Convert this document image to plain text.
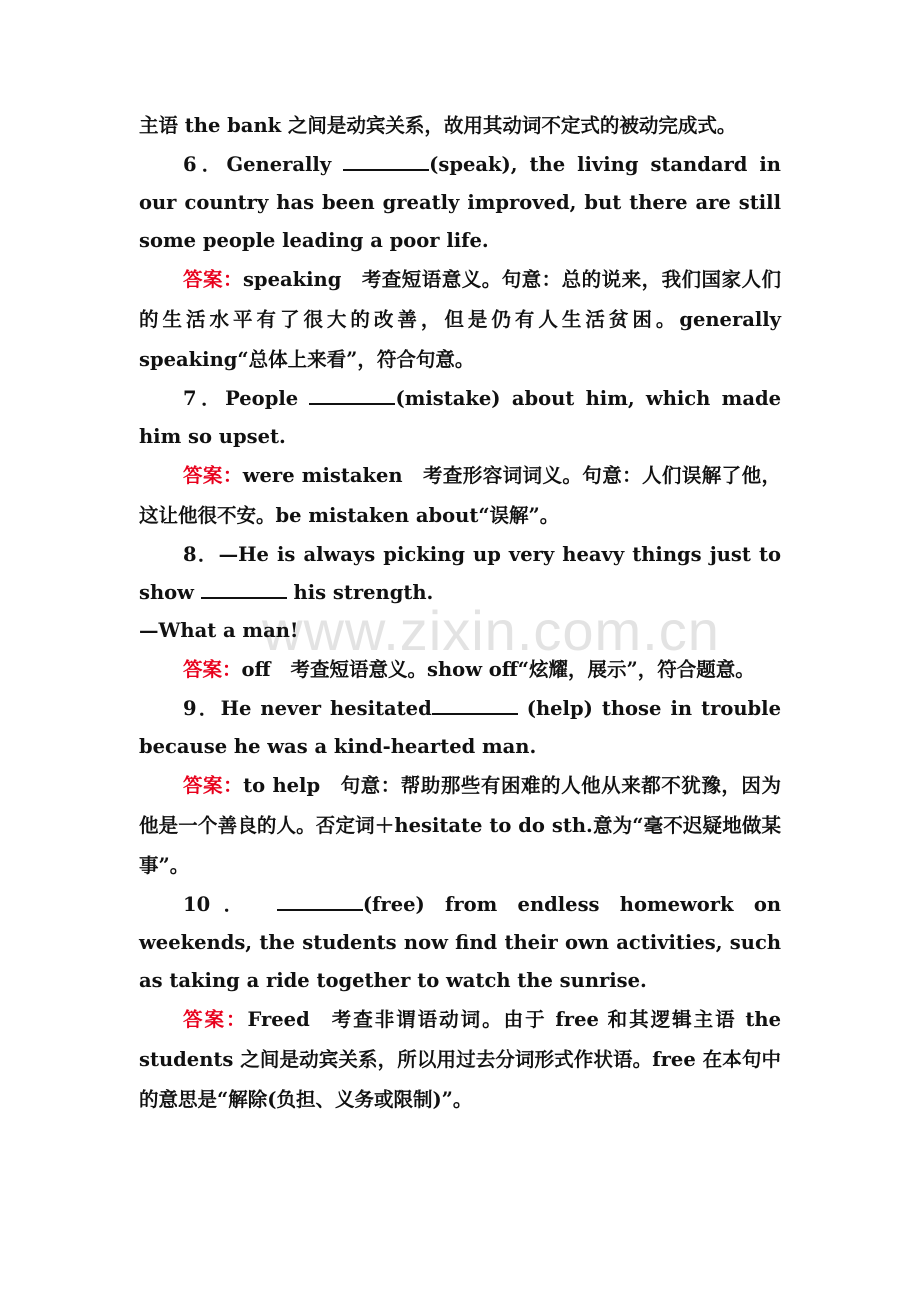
www.zixin.com.cn

主语 the bank 之间是动宾关系，故用其动词不定式的被动完成式。

6．Generally	(speak), the living standard in our country has been greatly improved, but there are still some people leading a poor life.

答案：speaking 考查短语意义。句意：总的说来，我们国家人们的生活水平有了很大的改善，但是仍有人生活贫困。generally speaking“总体上来看”，符合句意。

7．People	(mistake) about him, which made him so upset.

答案：were mistaken 考查形容词词义。句意：人们误解了他，这让他很不安。be mistaken about“误解”。

8．—He is always picking up very heavy things just to show	his strength.

—What a man!

答案：off 考查短语意义。show off“炫耀，展示”，符合题意。

9．He never hesitated	(help) those in trouble because he was a kind-hearted man.

答案：to help 句意：帮助那些有困难的人他从来都不犹豫，因为他是一个善良的人。否定词＋hesitate to do sth.意为“毫不迟疑地做某事”。

10．	(free) from endless homework on weekends, the students now find their own activities, such as taking a ride together to watch the sunrise.

答案：Freed 考查非谓语动词。由于 free 和其逻辑主语 the students 之间是动宾关系，所以用过去分词形式作状语。free 在本句中的意思是“解除(负担、义务或限制)”。
